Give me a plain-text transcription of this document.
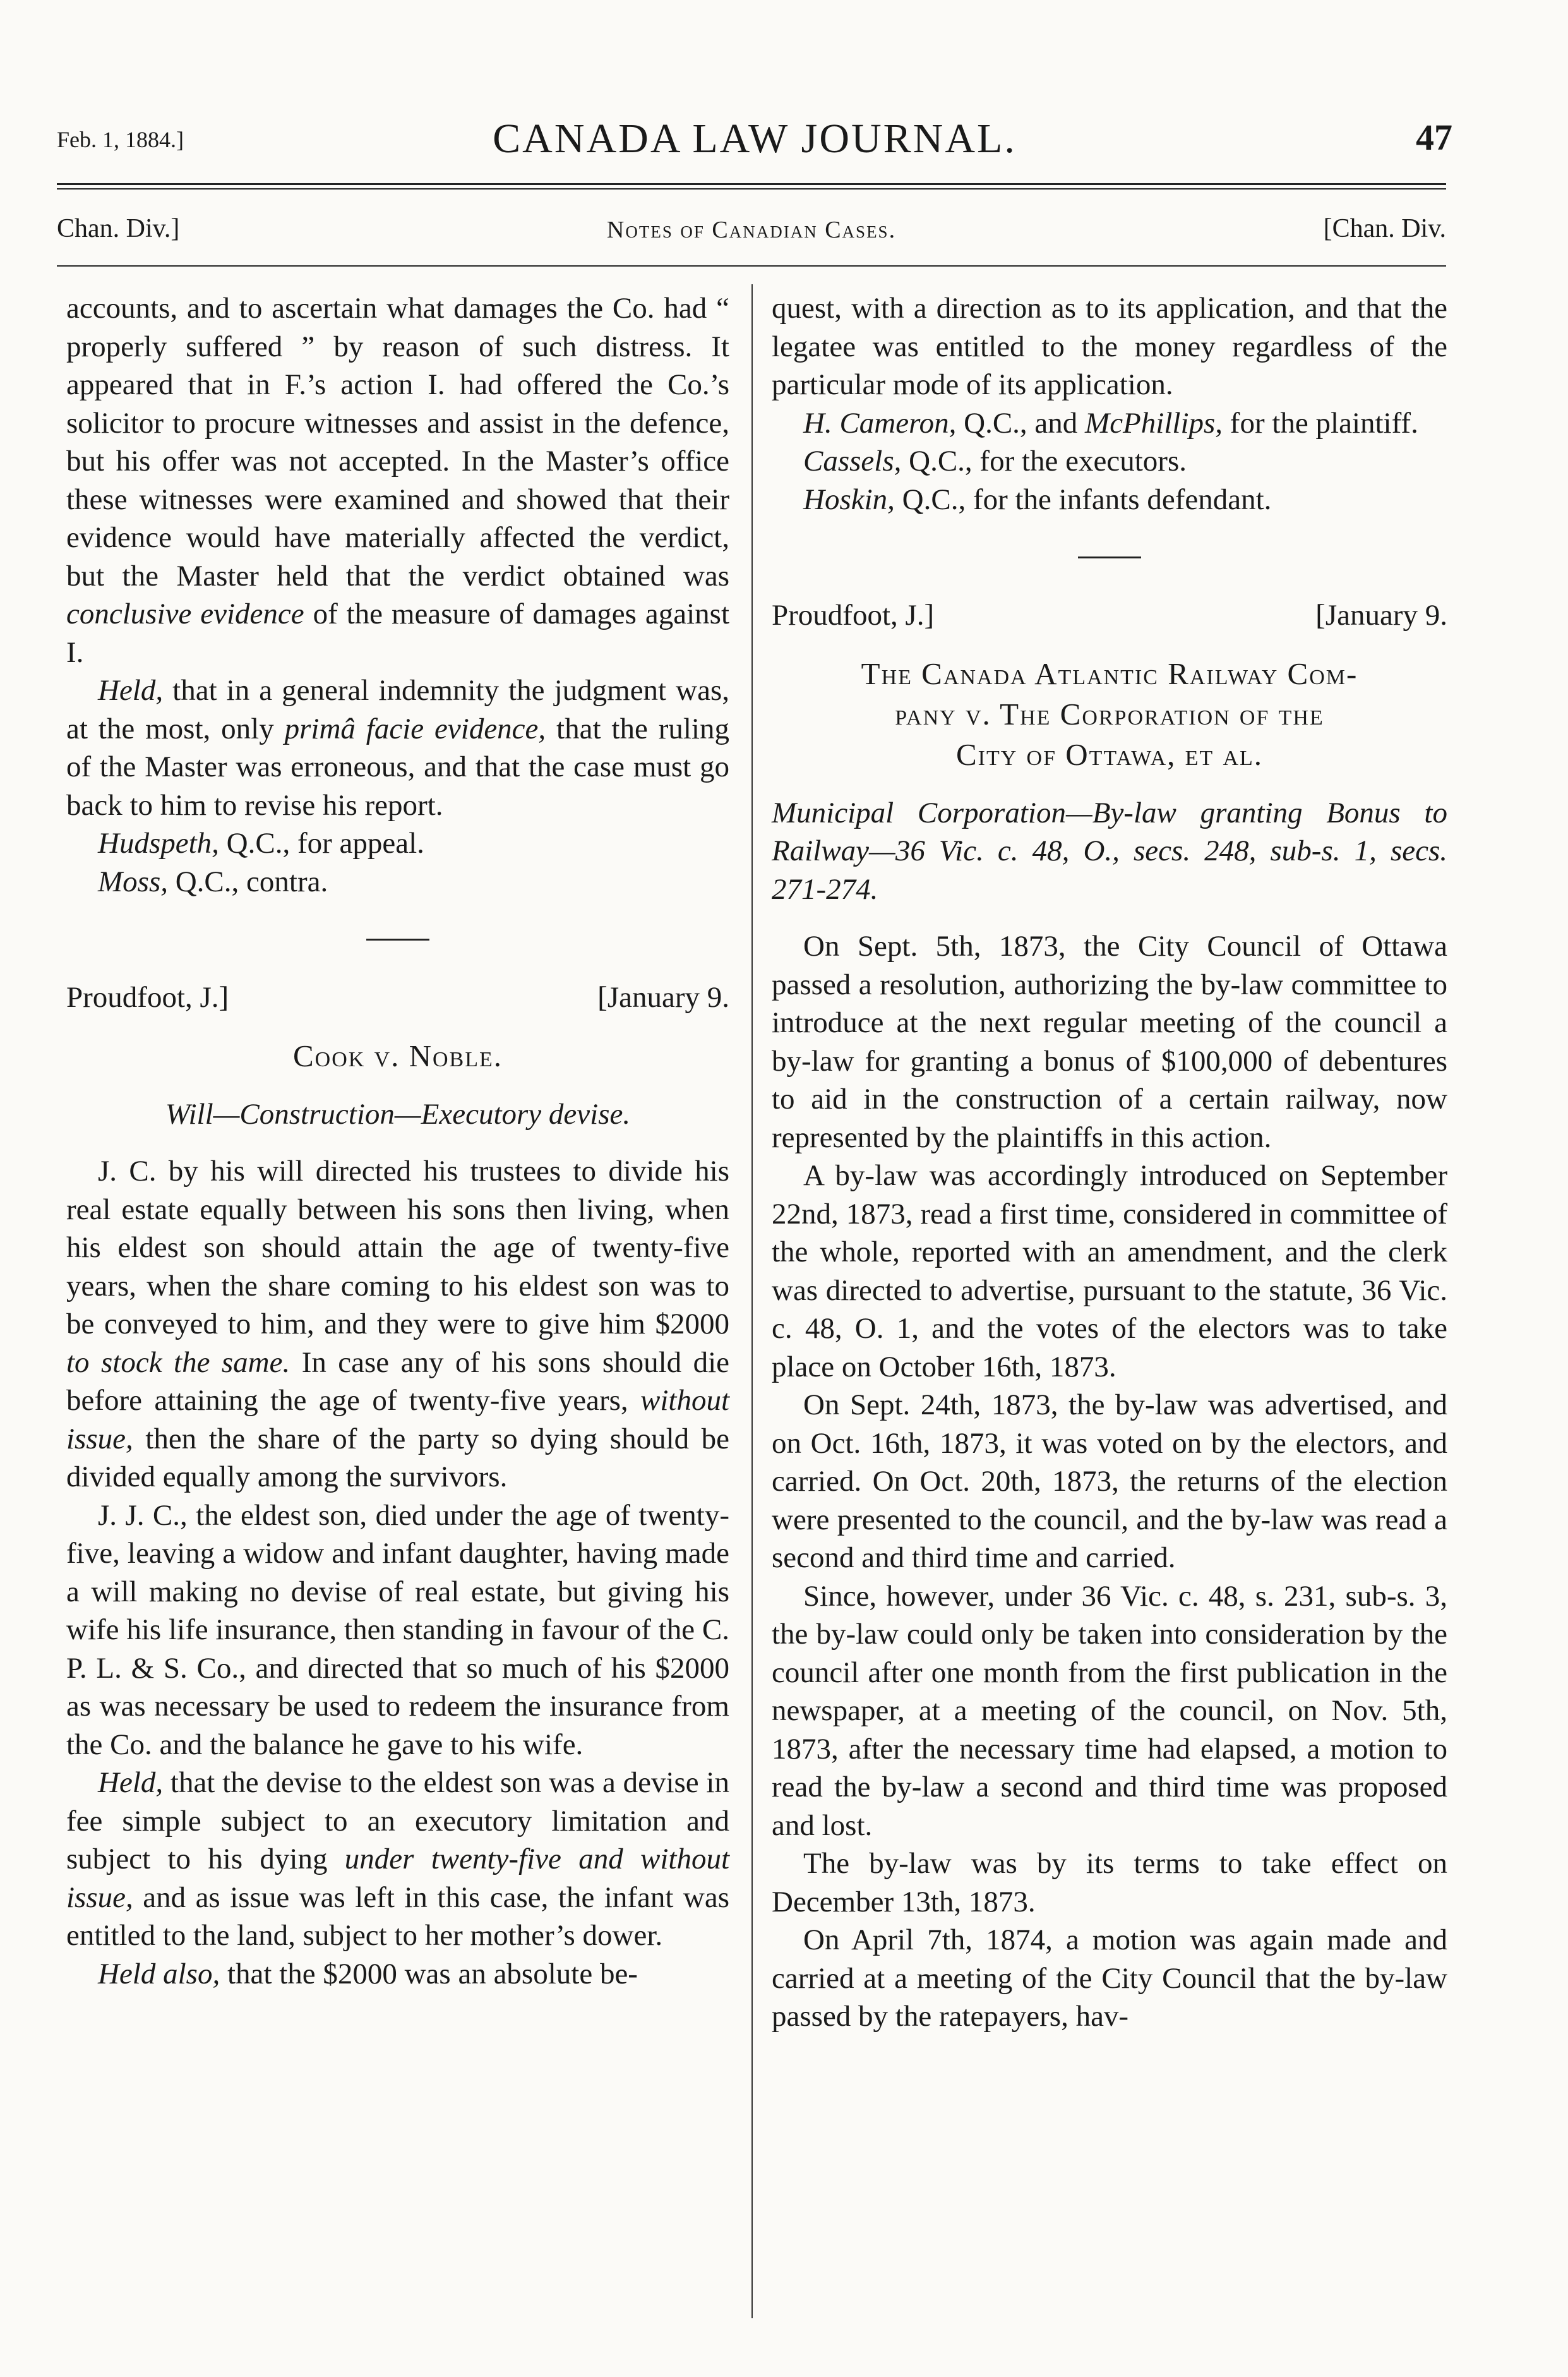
Feb. 1, 1884.]	CANADA LAW JOURNAL.	47
Chan. Div.]	Notes of Canadian Cases.	[Chan. Div.

accounts, and to ascertain what damages the Co. had “ properly suffered ” by reason of such distress. It appeared that in F.’s action I. had offered the Co.’s solicitor to procure witnesses and assist in the defence, but his offer was not accepted. In the Master’s office these witnesses were examined and showed that their evidence would have materially affected the verdict, but the Master held that the verdict obtained was conclusive evidence of the measure of damages against I.

Held, that in a general indemnity the judgment was, at the most, only primâ facie evidence, that the ruling of the Master was erroneous, and that the case must go back to him to revise his report.

Hudspeth, Q.C., for appeal.

Moss, Q.C., contra.

Proudfoot, J.]	[January 9.
Cook v. Noble.

Will—Construction—Executory devise.

J. C. by his will directed his trustees to divide his real estate equally between his sons then living, when his eldest son should attain the age of twenty-five years, when the share coming to his eldest son was to be conveyed to him, and they were to give him $2000 to stock the same. In case any of his sons should die before attaining the age of twenty-five years, without issue, then the share of the party so dying should be divided equally among the survivors.

J. J. C., the eldest son, died under the age of twenty-five, leaving a widow and infant daughter, having made a will making no devise of real estate, but giving his wife his life insurance, then standing in favour of the C. P. L. & S. Co., and directed that so much of his $2000 as was necessary be used to redeem the insurance from the Co. and the balance he gave to his wife.

Held, that the devise to the eldest son was a devise in fee simple subject to an executory limitation and subject to his dying under twenty-five and without issue, and as issue was left in this case, the infant was entitled to the land, subject to her mother’s dower.

Held also, that the $2000 was an absolute be-

quest, with a direction as to its application, and that the legatee was entitled to the money regardless of the particular mode of its application.

H. Cameron, Q.C., and McPhillips, for the plaintiff.

Cassels, Q.C., for the executors.

Hoskin, Q.C., for the infants defendant.

Proudfoot, J.]	[January 9.
The Canada Atlantic Railway Com-
pany v. The Corporation of the
City of Ottawa, et al.

Municipal Corporation—By-law granting Bonus to Railway—36 Vic. c. 48, O., secs. 248, sub-s. 1, secs. 271-274.

On Sept. 5th, 1873, the City Council of Ottawa passed a resolution, authorizing the by-law committee to introduce at the next regular meeting of the council a by-law for granting a bonus of $100,000 of debentures to aid in the construction of a certain railway, now represented by the plaintiffs in this action.

A by-law was accordingly introduced on September 22nd, 1873, read a first time, considered in committee of the whole, reported with an amendment, and the clerk was directed to advertise, pursuant to the statute, 36 Vic. c. 48, O. 1, and the votes of the electors was to take place on October 16th, 1873.

On Sept. 24th, 1873, the by-law was advertised, and on Oct. 16th, 1873, it was voted on by the electors, and carried. On Oct. 20th, 1873, the returns of the election were presented to the council, and the by-law was read a second and third time and carried.

Since, however, under 36 Vic. c. 48, s. 231, sub-s. 3, the by-law could only be taken into consideration by the council after one month from the first publication in the newspaper, at a meeting of the council, on Nov. 5th, 1873, after the necessary time had elapsed, a motion to read the by-law a second and third time was proposed and lost.

The by-law was by its terms to take effect on December 13th, 1873.

On April 7th, 1874, a motion was again made and carried at a meeting of the City Council that the by-law passed by the ratepayers, hav-
